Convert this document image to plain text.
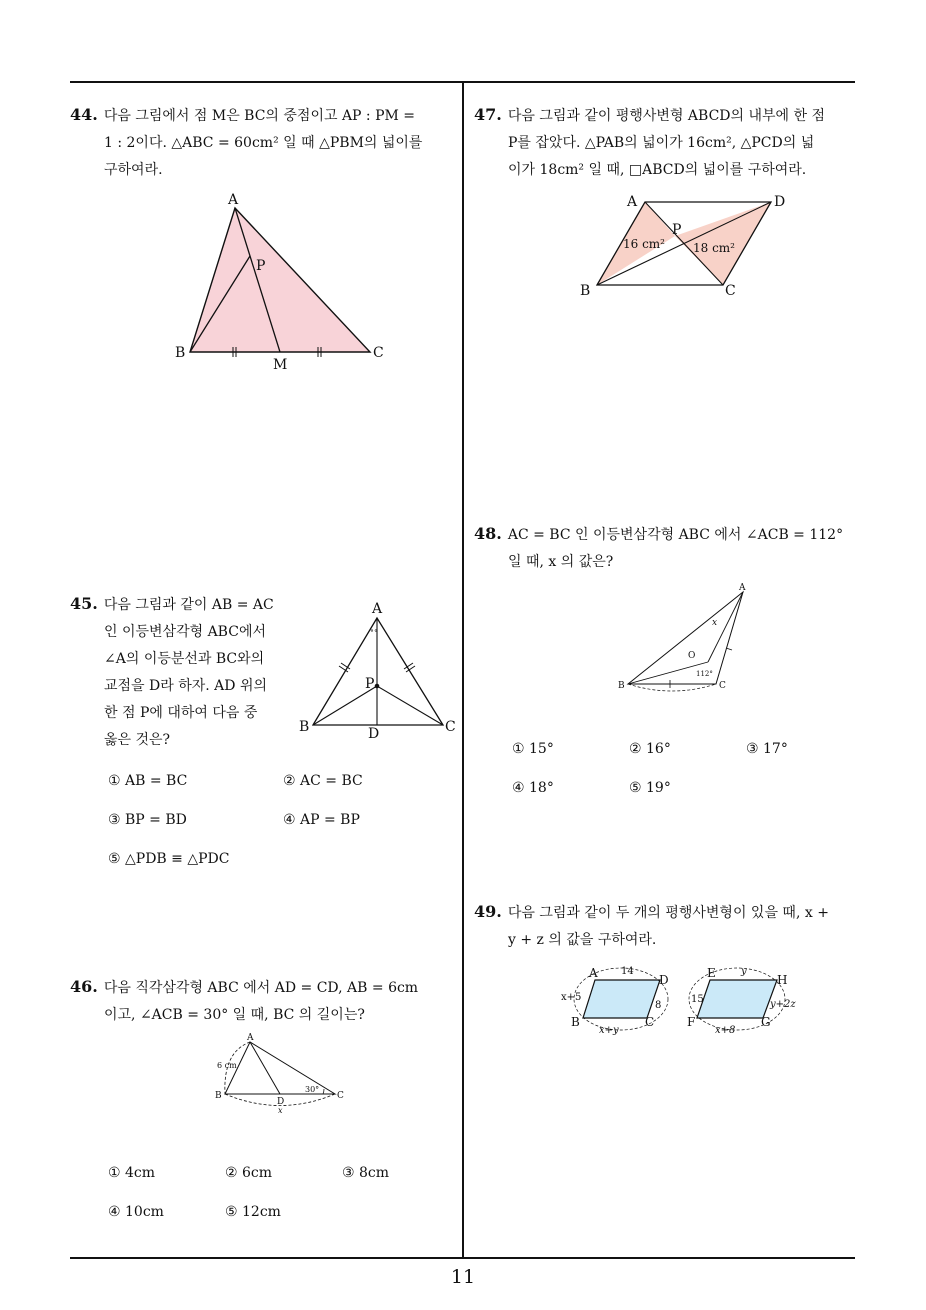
44. 다음 그림에서 점 M은 BC의 중점이고 AP : PM =
1 : 2이다. △ABC = 60cm² 일 때 △PBM의 넓이를
구하여라.
A
P
B
M
C
45. 다음 그림과 같이 AB = AC
인 이등변삼각형 ABC에서
∠A의 이등분선과 BC와의
교점을 D라 하자. AD 위의
한 점 P에 대하여 다음 중
옳은 것은?
∘∘
A
P
B	D	C
① AB = BC	② AC = BC
③ BP = BD	④ AP = BP
⑤ △PDB ≡ △PDC
46. 다음 직각삼각형 ABC 에서 AD = CD, AB = 6cm
이고, ∠ACB = 30° 일 때, BC 의 길이는?
A
6 cm
B
D
30°
C
x
① 4cm	② 6cm	③ 8cm
④ 10cm	⑤ 12cm
47. 다음 그림과 같이 평행사변형 ABCD의 내부에 한 점
P를 잡았다. △PAB의 넓이가 16cm², △PCD의 넓
이가 18cm² 일 때, □ABCD의 넓이를 구하여라.
A	D
P
16 cm² 18 cm²
B	C
48. AC = BC 인 이등변삼각형 ABC 에서 ∠ACB = 112°
일 때, x 의 값은?
A
x
O
112°
B	C
① 15°	② 16°	③ 17°
④ 18°	⑤ 19°
49. 다음 그림과 같이 두 개의 평행사변형이 있을 때, x +
y + z 의 값을 구하여라.
A 14
D
x+5
8
B	C
x+y
E	y
H
15	y+2z
F	G
x+8
11
